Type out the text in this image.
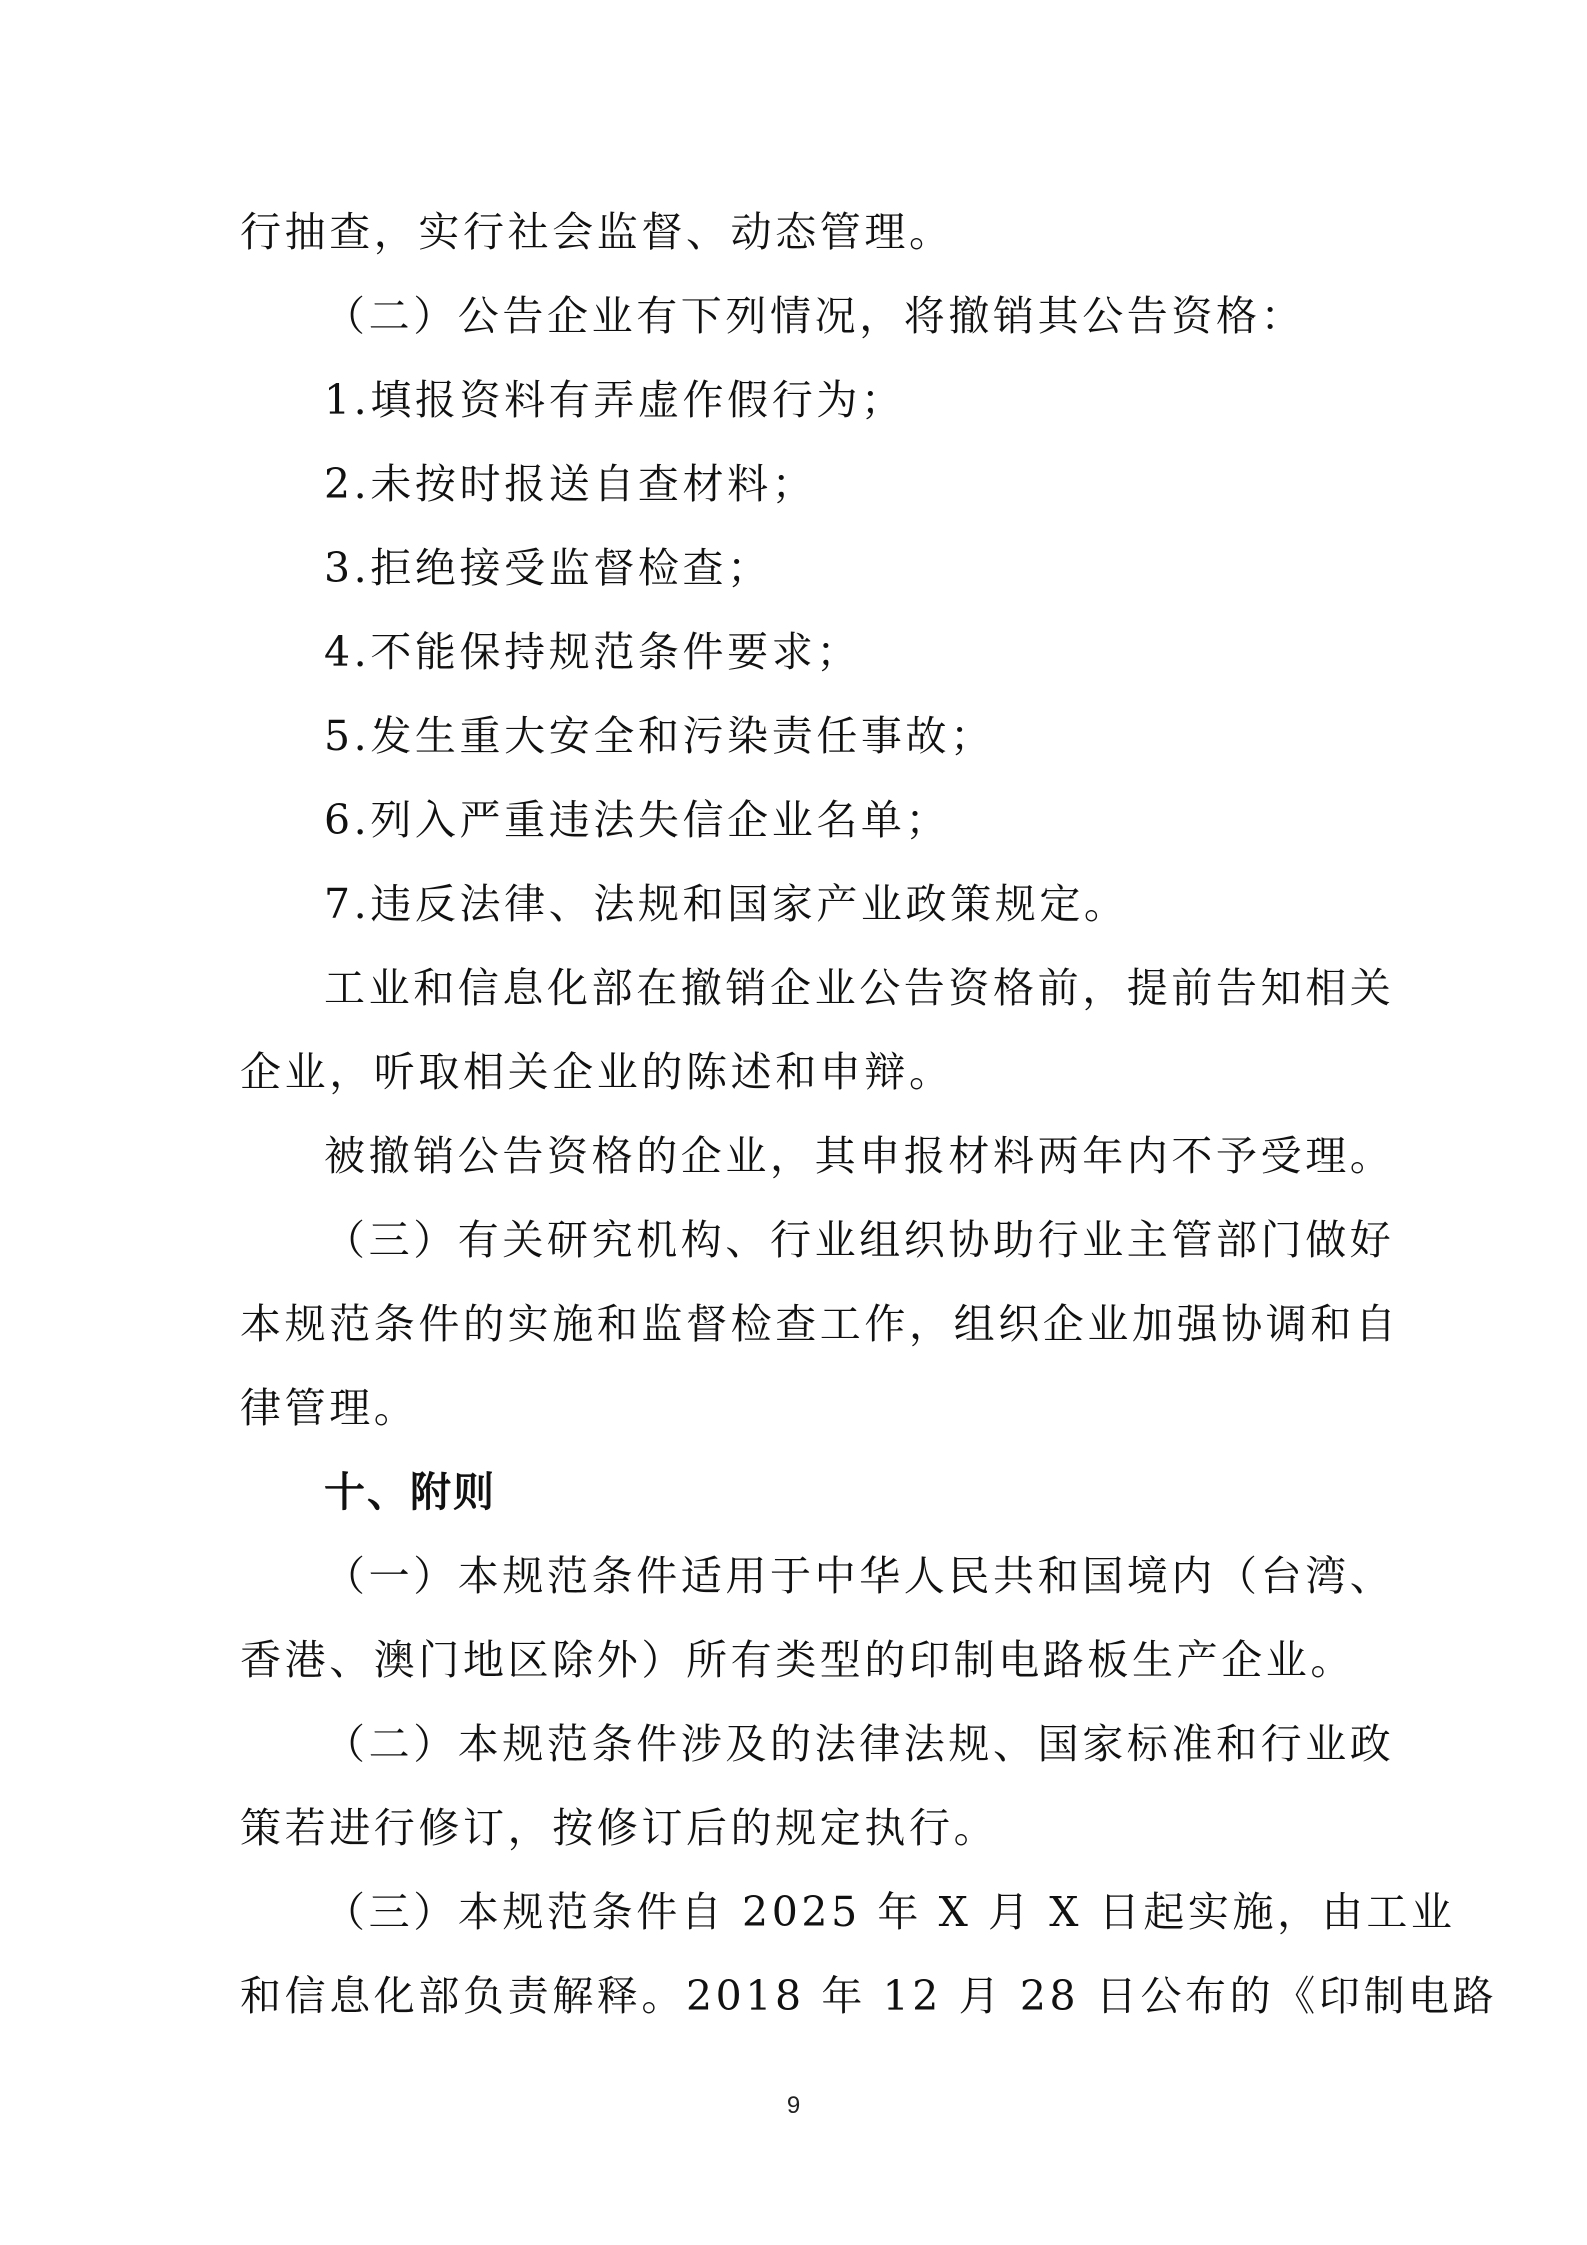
行抽查，实行社会监督、动态管理。
（二）公告企业有下列情况，将撤销其公告资格：
1.填报资料有弄虚作假行为；
2.未按时报送自查材料；
3.拒绝接受监督检查；
4.不能保持规范条件要求；
5.发生重大安全和污染责任事故；
6.列入严重违法失信企业名单；
7.违反法律、法规和国家产业政策规定。
工业和信息化部在撤销企业公告资格前，提前告知相关
企业，听取相关企业的陈述和申辩。
被撤销公告资格的企业，其申报材料两年内不予受理。
（三）有关研究机构、行业组织协助行业主管部门做好
本规范条件的实施和监督检查工作，组织企业加强协调和自
律管理。
十、附则
（一）本规范条件适用于中华人民共和国境内（台湾、
香港、澳门地区除外）所有类型的印制电路板生产企业。
（二）本规范条件涉及的法律法规、国家标准和行业政
策若进行修订，按修订后的规定执行。
（三）本规范条件自 2025 年 X 月 X 日起实施，由工业
和信息化部负责解释。2018 年 12 月 28 日公布的《印制电路
9
